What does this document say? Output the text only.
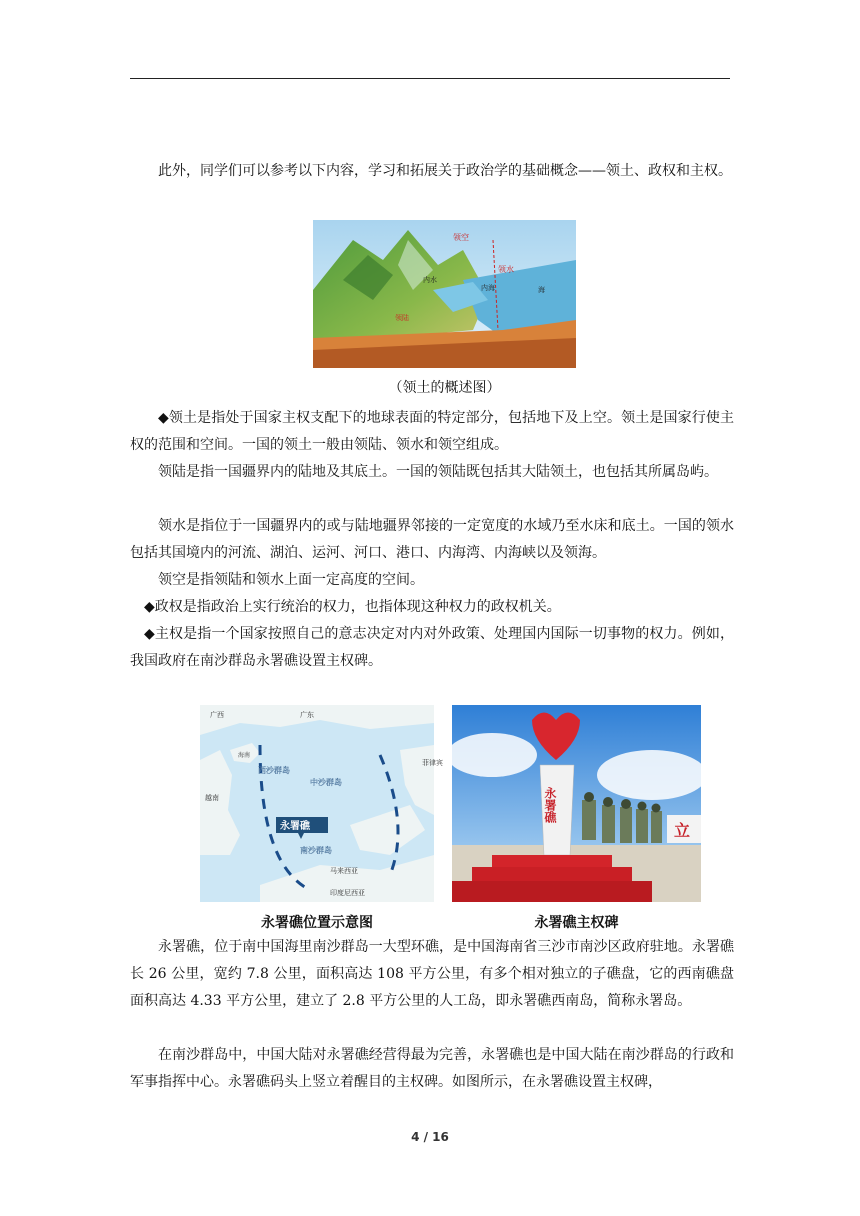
此外，同学们可以参考以下内容，学习和拓展关于政治学的基础概念——领土、政权和主权。

领空
领水
内水
内海	海
领陆
（领土的概述图）

◆领土是指处于国家主权支配下的地球表面的特定部分，包括地下及上空。领土是国家行使主权的范围和空间。一国的领土一般由领陆、领水和领空组成。

领陆是指一国疆界内的陆地及其底土。一国的领陆既包括其大陆领土，也包括其所属岛屿。

领水是指位于一国疆界内的或与陆地疆界邻接的一定宽度的水域乃至水床和底土。一国的领水包括其国境内的河流、湖泊、运河、河口、港口、内海湾、内海峡以及领海。

领空是指领陆和领水上面一定高度的空间。

◆政权是指政治上实行统治的权力，也指体现这种权力的政权机关。

◆主权是指一个国家按照自己的意志决定对内对外政策、处理国内国际一切事物的权力。例如，我国政府在南沙群岛永署礁设置主权碑。

广西	广东
海南
西沙群岛
中沙群岛
菲律宾
越南
永署礁
南沙群岛
马来西亚
印度尼西亚
永署礁
立
永署礁位置示意图	永署礁主权碑

永署礁，位于南中国海里南沙群岛一大型环礁，是中国海南省三沙市南沙区政府驻地。永署礁长 26 公里，宽约 7.8 公里，面积高达 108 平方公里，有多个相对独立的子礁盘，它的西南礁盘面积高达 4.33 平方公里，建立了 2.8 平方公里的人工岛，即永署礁西南岛，简称永署岛。

在南沙群岛中，中国大陆对永署礁经营得最为完善，永署礁也是中国大陆在南沙群岛的行政和军事指挥中心。永署礁码头上竖立着醒目的主权碑。如图所示，在永署礁设置主权碑，

4 / 16
